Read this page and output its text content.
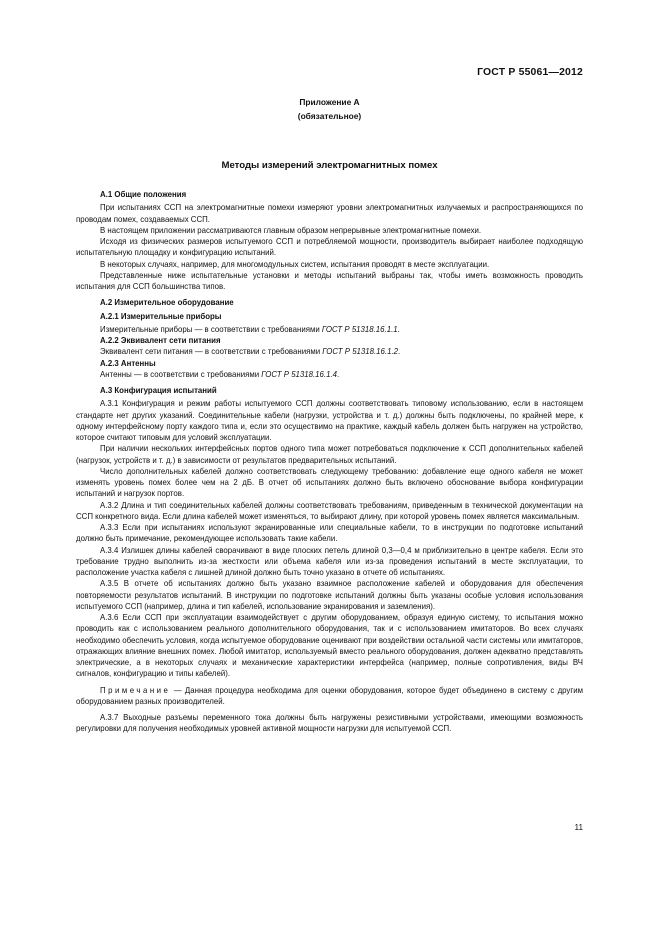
ГОСТ Р 55061—2012
Приложение А
(обязательное)
Методы измерений электромагнитных помех

А.1 Общие положения

При испытаниях ССП на электромагнитные помехи измеряют уровни электромагнитных излучаемых и распространяющихся по проводам помех, создаваемых ССП.

В настоящем приложении рассматриваются главным образом непрерывные электромагнитные помехи.

Исходя из физических размеров испытуемого ССП и потребляемой мощности, производитель выбирает наиболее подходящую испытательную площадку и конфигурацию испытаний.

В некоторых случаях, например, для многомодульных систем, испытания проводят в месте эксплуатации.

Представленные ниже испытательные установки и методы испытаний выбраны так, чтобы иметь возможность проводить испытания для ССП большинства типов.

А.2 Измерительное оборудование

А.2.1 Измерительные приборы

Измерительные приборы — в соответствии с требованиями ГОСТ Р 51318.16.1.1.

А.2.2 Эквивалент сети питания

Эквивалент сети питания — в соответствии с требованиями ГОСТ Р 51318.16.1.2.

А.2.3 Антенны

Антенны — в соответствии с требованиями ГОСТ Р 51318.16.1.4.

А.3 Конфигурация испытаний

А.3.1 Конфигурация и режим работы испытуемого ССП должны соответствовать типовому использованию, если в настоящем стандарте нет других указаний. Соединительные кабели (нагрузки, устройства и т. д.) должны быть подключены, по крайней мере, к одному интерфейсному порту каждого типа и, если это осуществимо на практике, каждый кабель должен быть нагружен на устройство, которое считают типовым для условий эксплуатации.

При наличии нескольких интерфейсных портов одного типа может потребоваться подключение к ССП дополнительных кабелей (нагрузок, устройств и т. д.) в зависимости от результатов предварительных испытаний.

Число дополнительных кабелей должно соответствовать следующему требованию: добавление еще одного кабеля не может изменять уровень помех более чем на 2 дБ. В отчет об испытаниях должно быть включено обоснование выбора конфигурации испытаний и нагрузок портов.

А.3.2 Длина и тип соединительных кабелей должны соответствовать требованиям, приведенным в технической документации на ССП конкретного вида. Если длина кабелей может изменяться, то выбирают длину, при которой уровень помех является максимальным.

А.3.3 Если при испытаниях используют экранированные или специальные кабели, то в инструкции по подготовке испытаний должно быть примечание, рекомендующее использовать такие кабели.

А.3.4 Излишек длины кабелей сворачивают в виде плоских петель длиной 0,3—0,4 м приблизительно в центре кабеля. Если это требование трудно выполнить из-за жесткости или объема кабеля или из-за проведения испытаний в месте эксплуатации, то расположение участка кабеля с лишней длиной должно быть точно указано в отчете об испытаниях.

А.3.5 В отчете об испытаниях должно быть указано взаимное расположение кабелей и оборудования для обеспечения повторяемости результатов испытаний. В инструкции по подготовке испытаний должны быть указаны особые условия использования испытуемого ССП (например, длина и тип кабелей, использование экранирования и заземления).

А.3.6 Если ССП при эксплуатации взаимодействует с другим оборудованием, образуя единую систему, то испытания можно проводить как с использованием реального дополнительного оборудования, так и с использованием имитаторов. Во всех случаях необходимо обеспечить условия, когда испытуемое оборудование оценивают при воздействии остальной части системы или имитаторов, отражающих влияние внешних помех. Любой имитатор, используемый вместо реального оборудования, должен адекватно представлять электрические, а в некоторых случаях и механические характеристики интерфейса (например, полные сопротивления, виды ВЧ сигналов, конфигурацию и типы кабелей).

Примечание — Данная процедура необходима для оценки оборудования, которое будет объединено в систему с другим оборудованием разных производителей.

А.3.7 Выходные разъемы переменного тока должны быть нагружены резистивными устройствами, имеющими возможность регулировки для получения необходимых уровней активной мощности нагрузки для испытуемой ССП.

11
